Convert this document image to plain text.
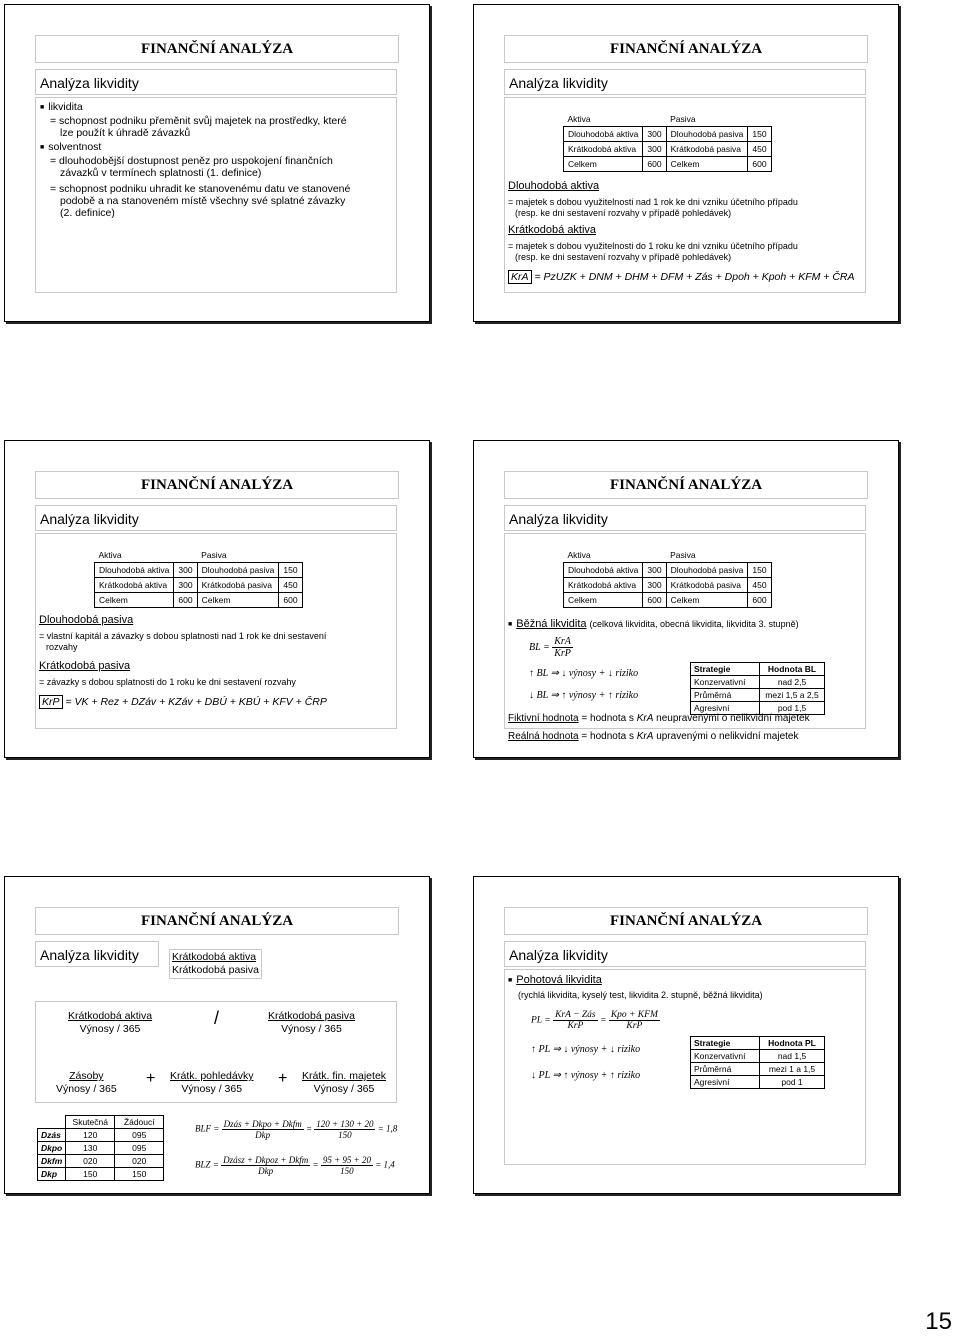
FINANČNÍ ANALÝZA
Analýza likvidity
■ likvidita
= schopnost podniku přeměnit svůj majetek na prostředky, které
lze použít k úhradě závazků
■ solventnost
= dlouhodobější dostupnost peněz pro uspokojení finančních
závazků v termínech splatnosti (1. definice)
= schopnost podniku uhradit ke stanovenému datu ve stanovené
podobě a na stanoveném místě všechny své splatné závazky
(2. definice)
FINANČNÍ ANALÝZA
Analýza likvidity
Aktiva		Pasiva	
Dlouhodobá aktiva	300	Dlouhodobá pasiva	150
Krátkodobá aktiva	300	Krátkodobá pasiva	450
Celkem	600	Celkem	600
Dlouhodobá aktiva
= majetek s dobou využitelnosti nad 1 rok ke dni vzniku účetního případu
(resp. ke dni sestavení rozvahy v případě pohledávek)
Krátkodobá aktiva
= majetek s dobou využitelnosti do 1 roku ke dni vzniku účetního případu
(resp. ke dni sestavení rozvahy v případě pohledávek)
KrA = PzUZK + DNM + DHM + DFM + Zás + Dpoh + Kpoh + KFM + ČRA
FINANČNÍ ANALÝZA
Analýza likvidity
Aktiva		Pasiva	
Dlouhodobá aktiva	300	Dlouhodobá pasiva	150
Krátkodobá aktiva	300	Krátkodobá pasiva	450
Celkem	600	Celkem	600
Dlouhodobá pasiva
= vlastní kapitál a závazky s dobou splatnosti nad 1 rok ke dni sestavení
rozvahy
Krátkodobá pasiva
= závazky s dobou splatnosti do 1 roku ke dni sestavení rozvahy
KrP = VK + Rez + DZáv + KZáv + DBÚ + KBÚ + KFV + ČRP
FINANČNÍ ANALÝZA
Analýza likvidity
Aktiva		Pasiva	
Dlouhodobá aktiva	300	Dlouhodobá pasiva	150
Krátkodobá aktiva	300	Krátkodobá pasiva	450
Celkem	600	Celkem	600
■ Běžná likvidita (celková likvidita, obecná likvidita, likvidita 3. stupně)
BL = $\frac{\text{KrA}}{\text{KrP}}$
↑ BL ⇒ ↓ výnosy + ↓ riziko
↓ BL ⇒ ↑ výnosy + ↑ riziko
Strategie	Hodnota BL
Konzervativní	nad 2,5
Průměrná	mezi 1,5 a 2,5
Agresivní	pod 1,5
Fiktivní hodnota = hodnota s KrA neupravenými o nelikvidní majetek
Reálná hodnota = hodnota s KrA upravenými o nelikvidní majetek
FINANČNÍ ANALÝZA
Analýza likvidity	Krátkodobá aktiva
Krátkodobá pasiva
Krátkodobá aktiva
Výnosy / 365
/	Krátkodobá pasiva
Výnosy / 365
Zásoby
Výnosy / 365
+ Krátk. pohledávky
Výnosy / 365
+ Krátk. fin. majetek
Výnosy / 365
	Skutečná	Žádoucí
Dzás	120	095
Dkpo	130	095
Dkfm	020	020
Dkp	150	150
BLF = $\frac{\text{Dzás + Dkpo + Dkfm}}{\text{Dkp}} = \frac{120 + 130 + 20}{150} = 1,8$
BLZ = $\frac{\text{Dzász + Dkpoz + Dkfm}}{\text{Dkp}} = \frac{95 + 95 + 20}{150} = 1,4$
FINANČNÍ ANALÝZA
Analýza likvidity
■ Pohotová likvidita
(rychlá likvidita, kyselý test, likvidita 2. stupně, běžná likvidita)
PL = $\frac{\text{KrA − Zás}}{\text{KrP}} = \frac{\text{Kpo + KFM}}{\text{KrP}}$
↑ PL ⇒ ↓ výnosy + ↓ riziko
↓ PL ⇒ ↑ výnosy + ↑ riziko
Strategie	Hodnota PL
Konzervativní	nad 1,5
Průměrná	mezi 1 a 1,5
Agresivní	pod 1
15
